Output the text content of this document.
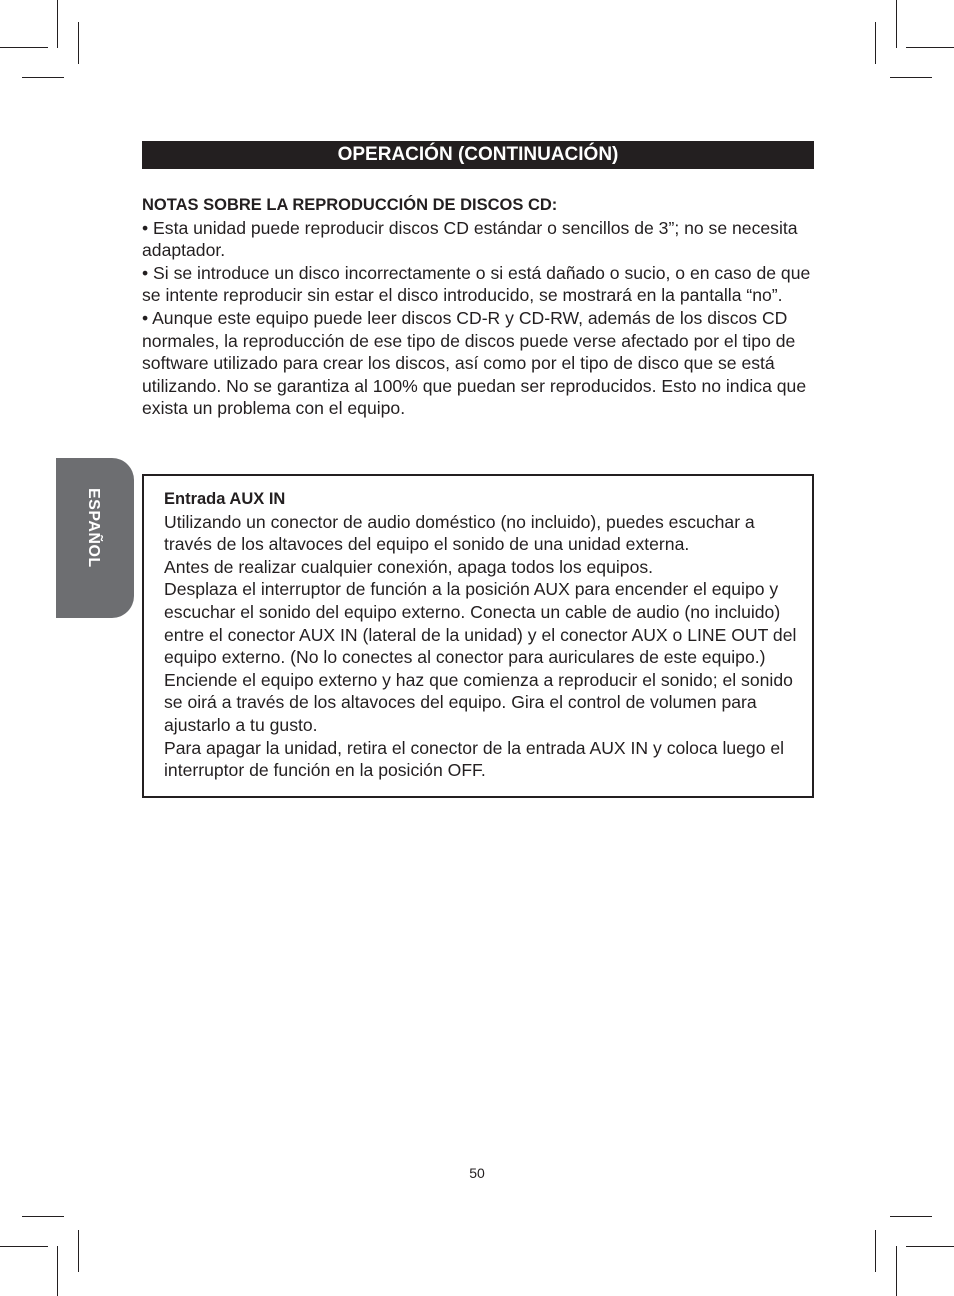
OPERACIÓN (CONTINUACIÓN)

NOTAS SOBRE LA REPRODUCCIÓN DE DISCOS CD:

• Esta unidad puede reproducir discos CD estándar o sencillos de 3”; no se necesita adaptador.

• Si se introduce un disco incorrectamente o si está dañado o sucio, o en caso de que se intente reproducir sin estar el disco introducido, se mostrará en la pantalla “no”.

• Aunque este equipo puede leer discos CD-R y CD-RW, además de los discos CD normales, la reproducción de ese tipo de discos puede verse afectado por el tipo de software utilizado para crear los discos, así como por el tipo de disco que se está utilizando. No se garantiza al 100% que puedan ser reproducidos. Esto no indica que exista un problema con el equipo.

ESPAÑOL	Entrada AUX IN

Utilizando un conector de audio doméstico (no incluido), puedes escuchar a través de los altavoces del equipo el sonido de una unidad externa.

Antes de realizar cualquier conexión, apaga todos los equipos.

Desplaza el interruptor de función a la posición AUX para encender el equipo y escuchar el sonido del equipo externo. Conecta un cable de audio (no incluido) entre el conector AUX IN (lateral de la unidad) y el conector AUX o LINE OUT del equipo externo. (No lo conectes al conector para auriculares de este equipo.) Enciende el equipo externo y haz que comienza a reproducir el sonido; el sonido se oirá a través de los altavoces del equipo. Gira el control de volumen para ajustarlo a tu gusto.

Para apagar la unidad, retira el conector de la entrada AUX IN y coloca luego el interruptor de función en la posición OFF.

50
